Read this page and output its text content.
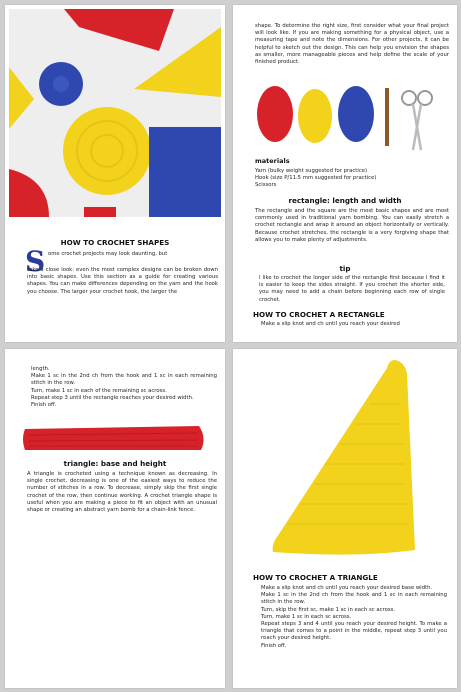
HOW TO CROCHET SHAPES

S ome crochet projects may look daunting, but

take a close look: even the most complex designs can be broken down into basic shapes. Use this section as a guide for creating various shapes. You can make differences depending on the yarn and the hook you choose. The larger your crochet hook, the larger the

shape. To determine the right size, first consider what your final project will look like. If you are making something for a physical object, use a measuring tape and note the dimensions. For other projects, it can be helpful to sketch out the design. This can help you envision the shapes as smaller, more manageable pieces and help define the scale of your finished product.

materials

Yarn (bulky weight suggested for practice)
Hook (size P/11.5 mm suggested for practice)
Scissors

rectangle: length and width

The rectangle and the square are the most basic shapes and are most commonly used in traditional yarn bombing. You can easily stretch a crochet rectangle and wrap it around an object horizontally or vertically. Because crochet stretches, the rectangle is a very forgiving shape that allows you to make plenty of adjustments.

tip

I like to crochet the longer side of the rectangle first because I find it is easier to keep the sides straight. If you crochet the shorter side, you may need to add a chain before beginning each row of single crochet.

HOW TO CROCHET A RECTANGLE

Make a slip knot and ch until you reach your desired

length.
Make 1 sc in the 2nd ch from the hook and 1 sc in each remaining stitch in the row.
Turn, make 1 sc in each of the remaining sc across.
Repeat step 3 until the rectangle reaches your desired width.
Finish off.

triangle: base and height

A triangle is crocheted using a technique known as decreasing. In single crochet, decreasing is one of the easiest ways to reduce the number of stitches in a row. To decrease, simply skip the first single crochet of the row, then continue working. A crochet triangle shape is useful when you are making a piece to fit an object with an unusual shape or creating an abstract yarn bomb for a chain-link fence.

HOW TO CROCHET A TRIANGLE

Make a slip knot and ch until you reach your desired base width.
Make 1 sc in the 2nd ch from the hook and 1 sc in each remaining stitch in the row.
Turn, skip the first sc, make 1 sc in each sc across.
Turn, make 1 sc in each sc across.
Repeat steps 3 and 4 until you reach your desired height. To make a triangle that comes to a point in the middle, repeat step 3 until you reach your desired height.
Finish off.
